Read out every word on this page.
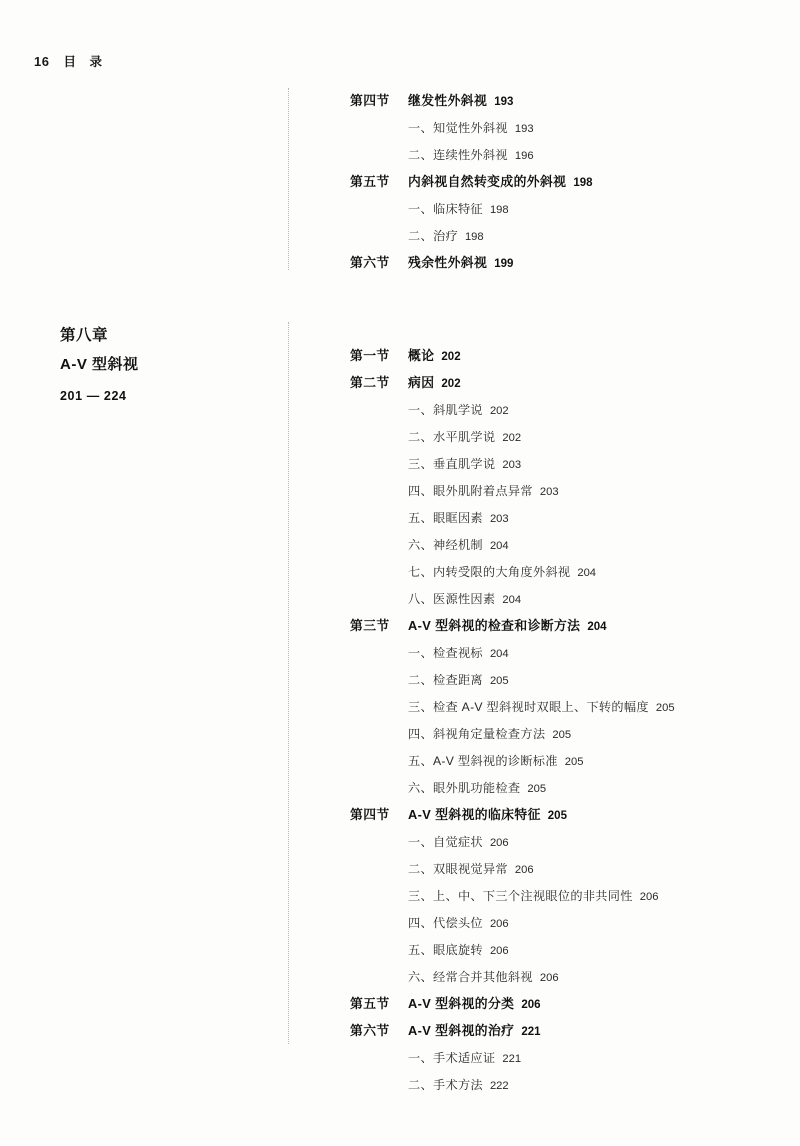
16 目 录
第八章
A-V 型斜视
201 — 224
第四节	继发性外斜视 193
一、知觉性外斜视 193
二、连续性外斜视 196
第五节	内斜视自然转变成的外斜视 198
一、临床特征 198
二、治疗 198
第六节	残余性外斜视 199
第一节	概论 202
第二节	病因 202
一、斜肌学说 202
二、水平肌学说 202
三、垂直肌学说 203
四、眼外肌附着点异常 203
五、眼眶因素 203
六、神经机制 204
七、内转受限的大角度外斜视 204
八、医源性因素 204
第三节	A-V 型斜视的检查和诊断方法 204
一、检查视标 204
二、检查距离 205
三、检查 A-V 型斜视时双眼上、下转的幅度 205
四、斜视角定量检查方法 205
五、A-V 型斜视的诊断标准 205
六、眼外肌功能检查 205
第四节	A-V 型斜视的临床特征 205
一、自觉症状 206
二、双眼视觉异常 206
三、上、中、下三个注视眼位的非共同性 206
四、代偿头位 206
五、眼底旋转 206
六、经常合并其他斜视 206
第五节	A-V 型斜视的分类 206
第六节	A-V 型斜视的治疗 221
一、手术适应证 221
二、手术方法 222
